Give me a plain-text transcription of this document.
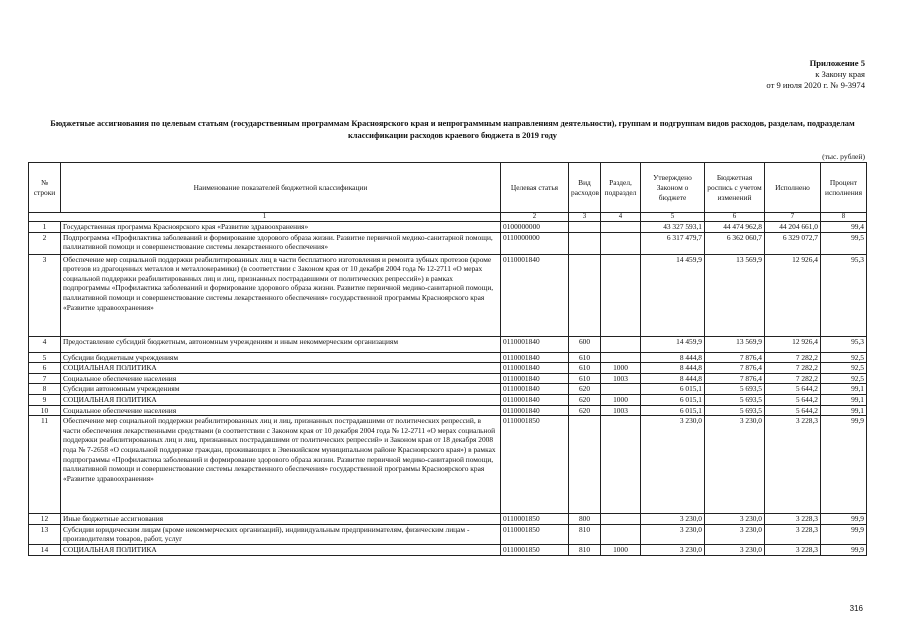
Приложение 5
к Закону края
от 9 июля 2020 г. № 9-3974
Бюджетные ассигнования по целевым статьям (государственным программам Красноярского края и непрограммным направлениям деятельности), группам и подгруппам видов расходов, разделам, подразделам классификации расходов краевого бюджета в 2019 году
(тыс. рублей)
№ строки	Наименование показателей бюджетной классификации	Целевая статья	Вид расходов	Раздел, подраздел	Утверждено Законом о бюджете	Бюджетная роспись с учетом изменений	Исполнено	Процент исполнения
1		2	3	4	5	6	7	8
1	Государственная программа Красноярского края «Развитие здравоохранения»	0100000000			43 327 593,1	44 474 962,8	44 204 661,0	99,4
2	Подпрограмма «Профилактика заболеваний и формирование здорового образа жизни. Развитие первичной медико-санитарной помощи, паллиативной помощи и совершенствование системы лекарственного обеспечения»	0110000000			6 317 479,7	6 362 060,7	6 329 072,7	99,5
3	Обеспечение мер социальной поддержки реабилитированных лиц в части бесплатного изготовления и ремонта зубных протезов (кроме протезов из драгоценных металлов и металлокерамики) (в соответствии с Законом края от 10 декабря 2004 года № 12-2711 «О мерах социальной поддержки реабилитированных лиц и лиц, признанных пострадавшими от политических репрессий») в рамках подпрограммы «Профилактика заболеваний и формирование здорового образа жизни. Развитие первичной медико-санитарной помощи, паллиативной помощи и совершенствование системы лекарственного обеспечения» государственной программы Красноярского края «Развитие здравоохранения»	0110001840			14 459,9	13 569,9	12 926,4	95,3
4	Предоставление субсидий бюджетным, автономным учреждениям и иным некоммерческим организациям	0110001840	600		14 459,9	13 569,9	12 926,4	95,3
5	Субсидии бюджетным учреждениям	0110001840	610		8 444,8	7 876,4	7 282,2	92,5
6	СОЦИАЛЬНАЯ ПОЛИТИКА	0110001840	610	1000	8 444,8	7 876,4	7 282,2	92,5
7	Социальное обеспечение населения	0110001840	610	1003	8 444,8	7 876,4	7 282,2	92,5
8	Субсидии автономным учреждениям	0110001840	620		6 015,1	5 693,5	5 644,2	99,1
9	СОЦИАЛЬНАЯ ПОЛИТИКА	0110001840	620	1000	6 015,1	5 693,5	5 644,2	99,1
10	Социальное обеспечение населения	0110001840	620	1003	6 015,1	5 693,5	5 644,2	99,1
11	Обеспечение мер социальной поддержки реабилитированных лиц и лиц, признанных пострадавшими от политических репрессий, в части обеспечения лекарственными средствами (в соответствии с Законом края от 10 декабря 2004 года № 12-2711 «О мерах социальной поддержки реабилитированных лиц и лиц, признанных пострадавшими от политических репрессий» и Законом края от 18 декабря 2008 года № 7-2658 «О социальной поддержке граждан, проживающих в Эвенкийском муниципальном районе Красноярского края») в рамках подпрограммы «Профилактика заболеваний и формирование здорового образа жизни. Развитие первичной медико-санитарной помощи, паллиативной помощи и совершенствование системы лекарственного обеспечения» государственной программы Красноярского края «Развитие здравоохранения»	0110001850			3 230,0	3 230,0	3 228,3	99,9
12	Иные бюджетные ассигнования	0110001850	800		3 230,0	3 230,0	3 228,3	99,9
13	Субсидии юридическим лицам (кроме некоммерческих организаций), индивидуальным предпринимателям, физическим лицам - производителям товаров, работ, услуг	0110001850	810		3 230,0	3 230,0	3 228,3	99,9
14	СОЦИАЛЬНАЯ ПОЛИТИКА	0110001850	810	1000	3 230,0	3 230,0	3 228,3	99,9
316
